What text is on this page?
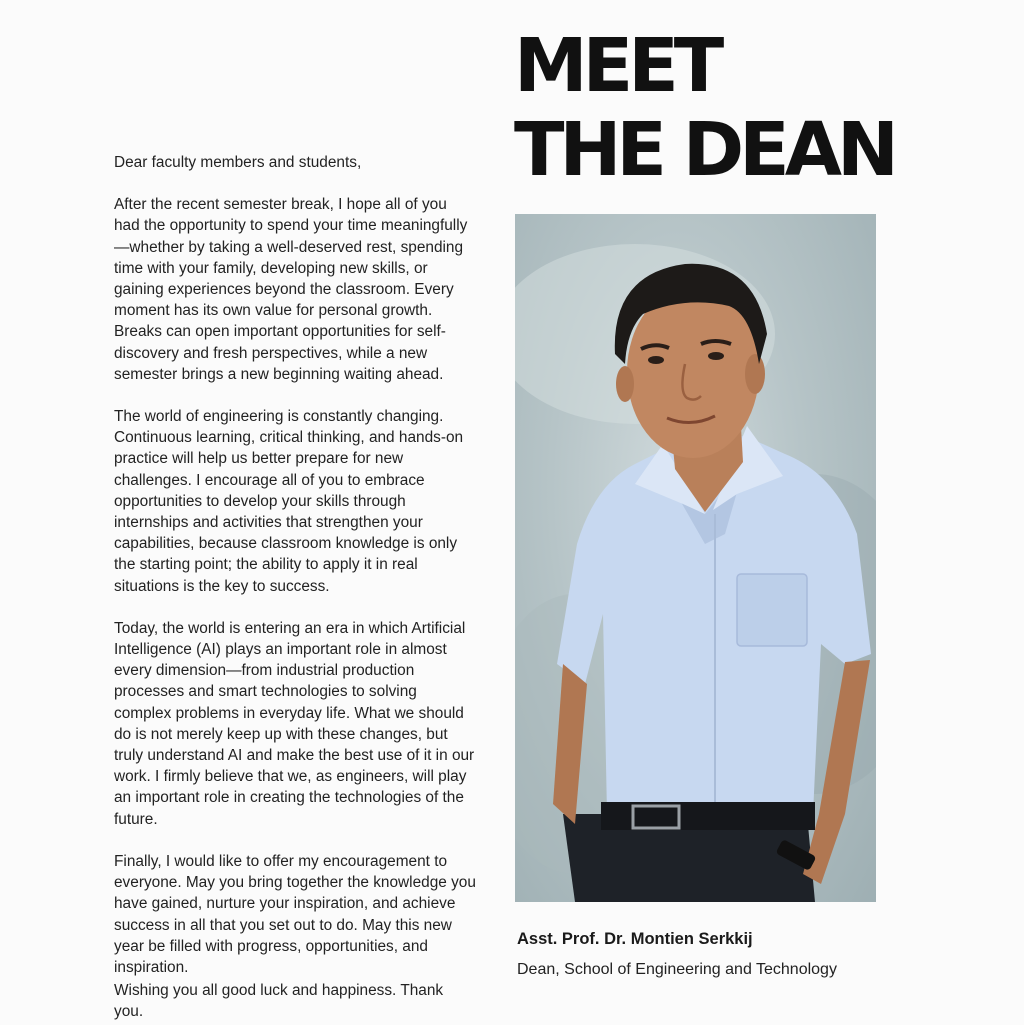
MEET
THE DEAN

Dear faculty members and students,

After the recent semester break, I hope all of you had the opportunity to spend your time meaningfully—whether by taking a well-deserved rest, spending time with your family, developing new skills, or gaining experiences beyond the classroom. Every moment has its own value for personal growth. Breaks can open important opportunities for self-discovery and fresh perspectives, while a new semester brings a new beginning waiting ahead.

The world of engineering is constantly changing. Continuous learning, critical thinking, and hands-on practice will help us better prepare for new challenges. I encourage all of you to embrace opportunities to develop your skills through internships and activities that strengthen your capabilities, because classroom knowledge is only the starting point; the ability to apply it in real situations is the key to success.

Today, the world is entering an era in which Artificial Intelligence (AI) plays an important role in almost every dimension—from industrial production processes and smart technologies to solving complex problems in everyday life. What we should do is not merely keep up with these changes, but truly understand AI and make the best use of it in our work. I firmly believe that we, as engineers, will play an important role in creating the technologies of the future.

Finally, I would like to offer my encouragement to everyone. May you bring together the knowledge you have gained, nurture your inspiration, and achieve success in all that you set out to do. May this new year be filled with progress, opportunities, and inspiration.

Wishing you all good luck and happiness. Thank you.

Asst. Prof. Dr. Montien Serkkij

Dean, School of Engineering and Technology
